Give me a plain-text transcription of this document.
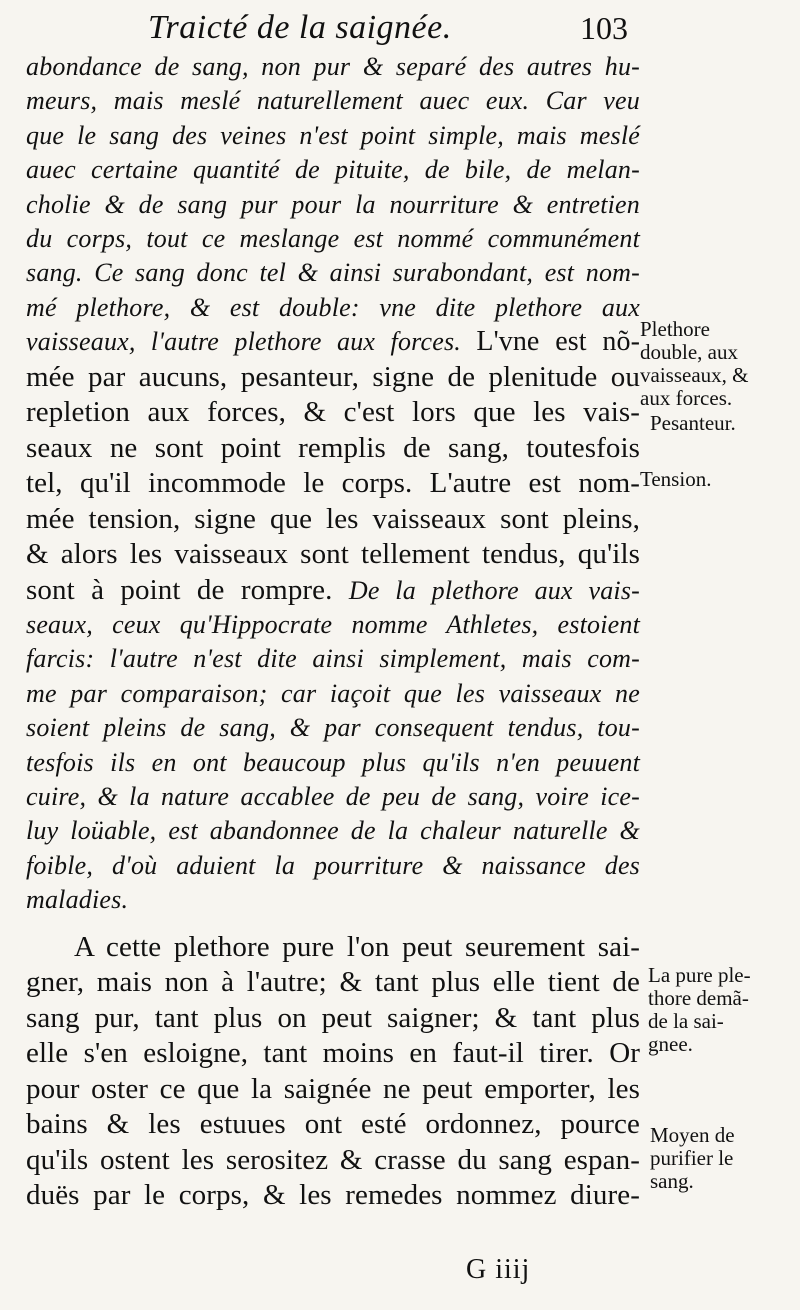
Traicté de la saignée.	103
abondance de sang, non pur & separé des autres hu-
meurs, mais meslé naturellement auec eux. Car veu
que le sang des veines n'est point simple, mais meslé
auec certaine quantité de pituite, de bile, de melan-
cholie & de sang pur pour la nourriture & entretien
du corps, tout ce meslange est nommé communément
sang. Ce sang donc tel & ainsi surabondant, est nom-
mé plethore, & est double: vne dite plethore aux
vaisseaux, l'autre plethore aux forces. L'vne est nõ-
mée par aucuns, pesanteur, signe de plenitude ou
repletion aux forces, & c'est lors que les vais-
seaux ne sont point remplis de sang, toutesfois
tel, qu'il incommode le corps. L'autre est nom-
mée tension, signe que les vaisseaux sont pleins,
& alors les vaisseaux sont tellement tendus, qu'ils
sont à point de rompre. De la plethore aux vais-
seaux, ceux qu'Hippocrate nomme Athletes, estoient
farcis: l'autre n'est dite ainsi simplement, mais com-
me par comparaison; car iaçoit que les vaisseaux ne
soient pleins de sang, & par consequent tendus, tou-
tesfois ils en ont beaucoup plus qu'ils n'en peuuent
cuire, & la nature accablee de peu de sang, voire ice-
luy loüable, est abandonnee de la chaleur naturelle &
foible, d'où aduient la pourriture & naissance des
maladies.
A cette plethore pure l'on peut seurement sai-
gner, mais non à l'autre; & tant plus elle tient de
sang pur, tant plus on peut saigner; & tant plus
elle s'en esloigne, tant moins en faut-il tirer. Or
pour oster ce que la saignée ne peut emporter, les
bains & les estuues ont esté ordonnez, pource
qu'ils ostent les serositez & crasse du sang espan-
duës par le corps, & les remedes nommez diure-
Plethore
double, aux
vaisseaux, &
aux forces.
Pesanteur.
Tension.
La pure ple-
thore demã-
de la sai-
gnee.
Moyen de
purifier le
sang.
G iiij
